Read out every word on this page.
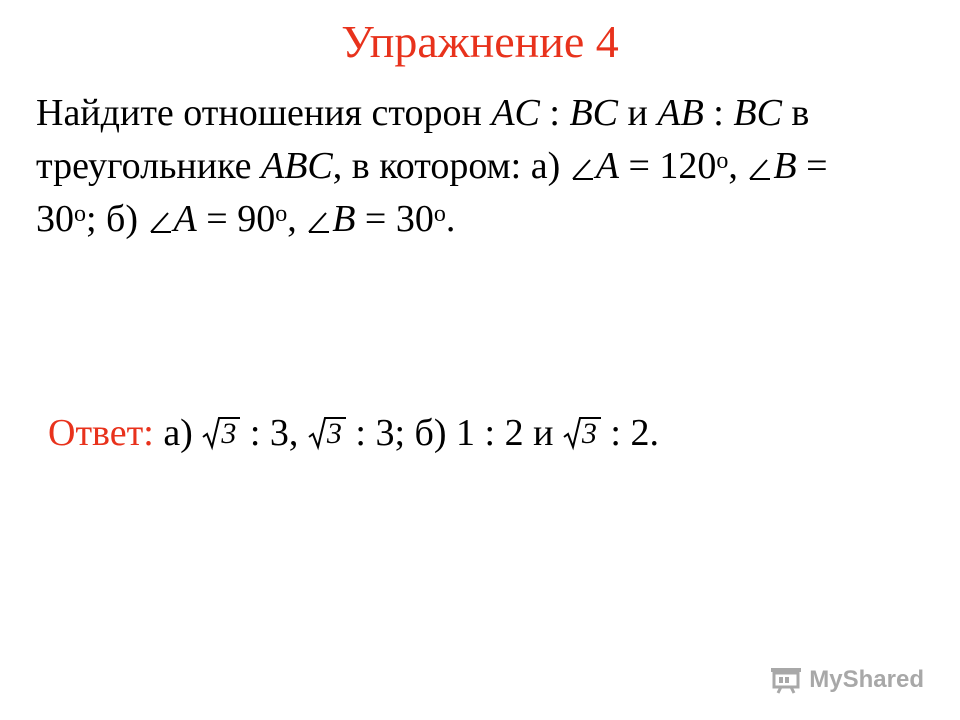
Упражнение 4
Найдите отношения сторон AC : BC и AB : BC в
треугольнике ABC, в котором: а)
$A = 120^о$,
B =
$30^о$; б)
$A = 90^о$,
$B = 30^о$.
Ответ: а) 3 : 3, 3 : 3; б) 1 : 2 и 3 : 2.
MyShared
